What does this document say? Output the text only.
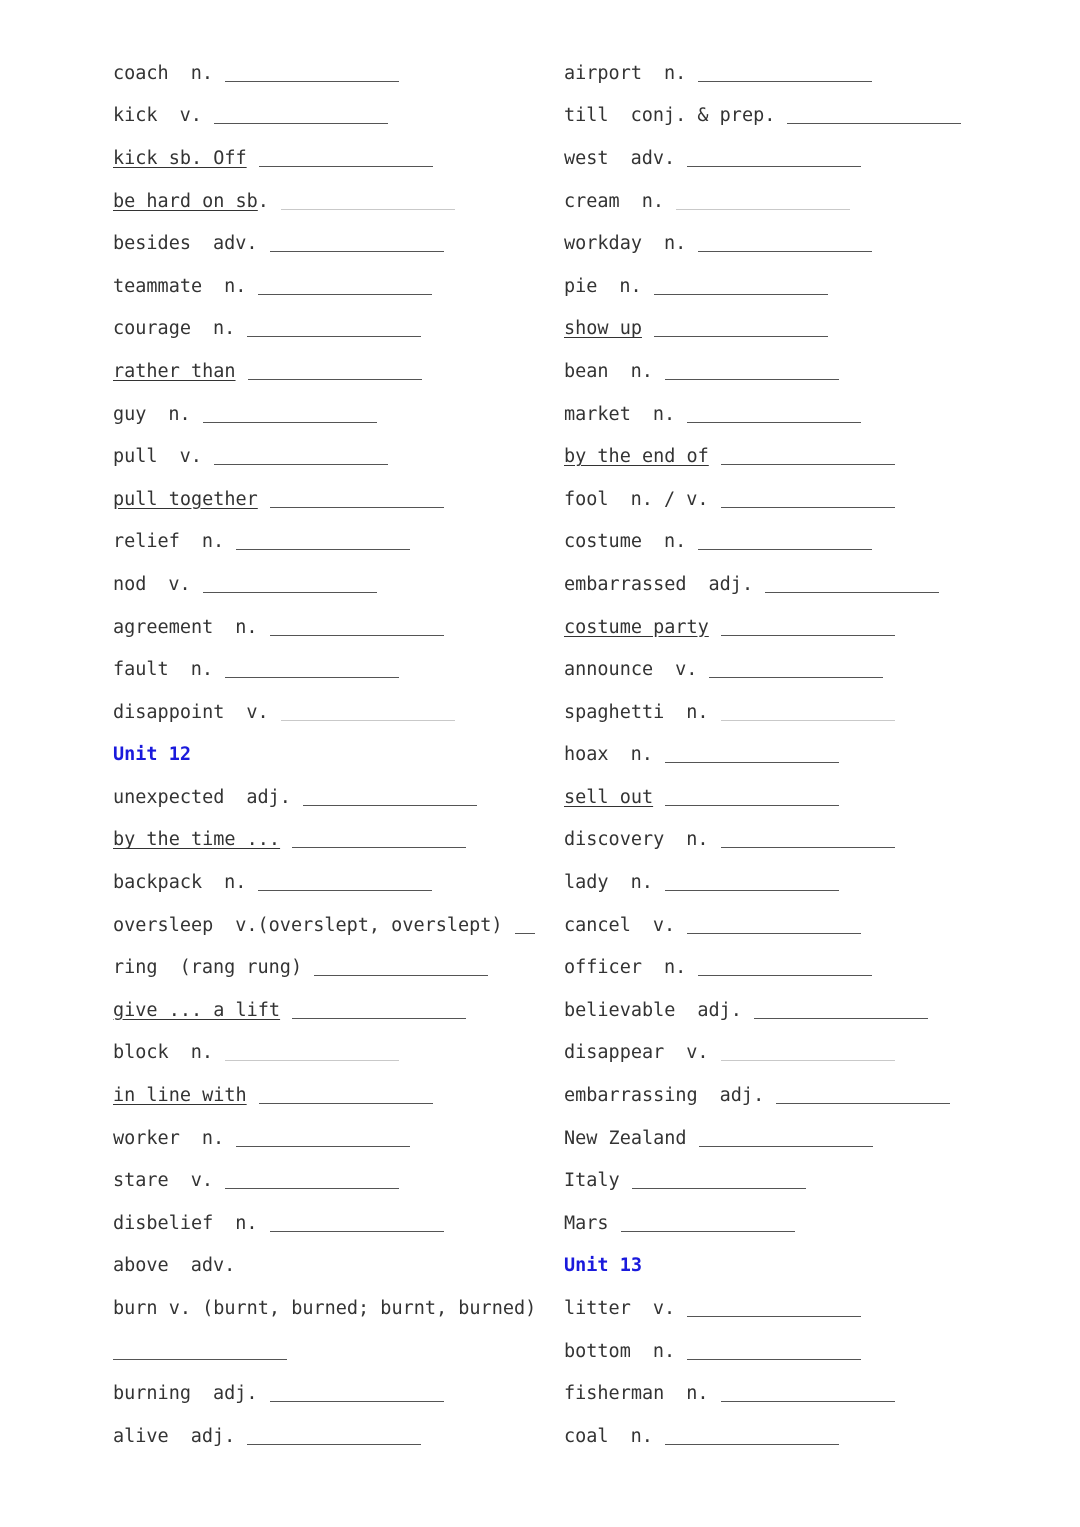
coach n.
kick v.
kick sb. Off
be hard on sb .
besides adv.
teammate n.
courage n.
rather than
guy n.
pull v.
pull together
relief n.
nod v.
agreement n.
fault n.
disappoint v.
Unit 12
unexpected adj.
by the time ...
backpack n.
oversleep v.(overslept, overslept)
ring (rang rung)
give ... a lift
block n.
in line with
worker n.
stare v.
disbelief n.
above adv.
burn v. (burnt, burned; burnt, burned)
burning adj.
alive adj.
airport n.
till conj. & prep.
west adv.
cream n.
workday n.
pie n.
show up
bean n.
market n.
by the end of
fool n. / v.
costume n.
embarrassed adj.
costume party
announce v.
spaghetti n.
hoax n.
sell out
discovery n.
lady n.
cancel v.
officer n.
believable adj.
disappear v.
embarrassing adj.
New Zealand
Italy
Mars
Unit 13
litter v.
bottom n.
fisherman n.
coal n.
